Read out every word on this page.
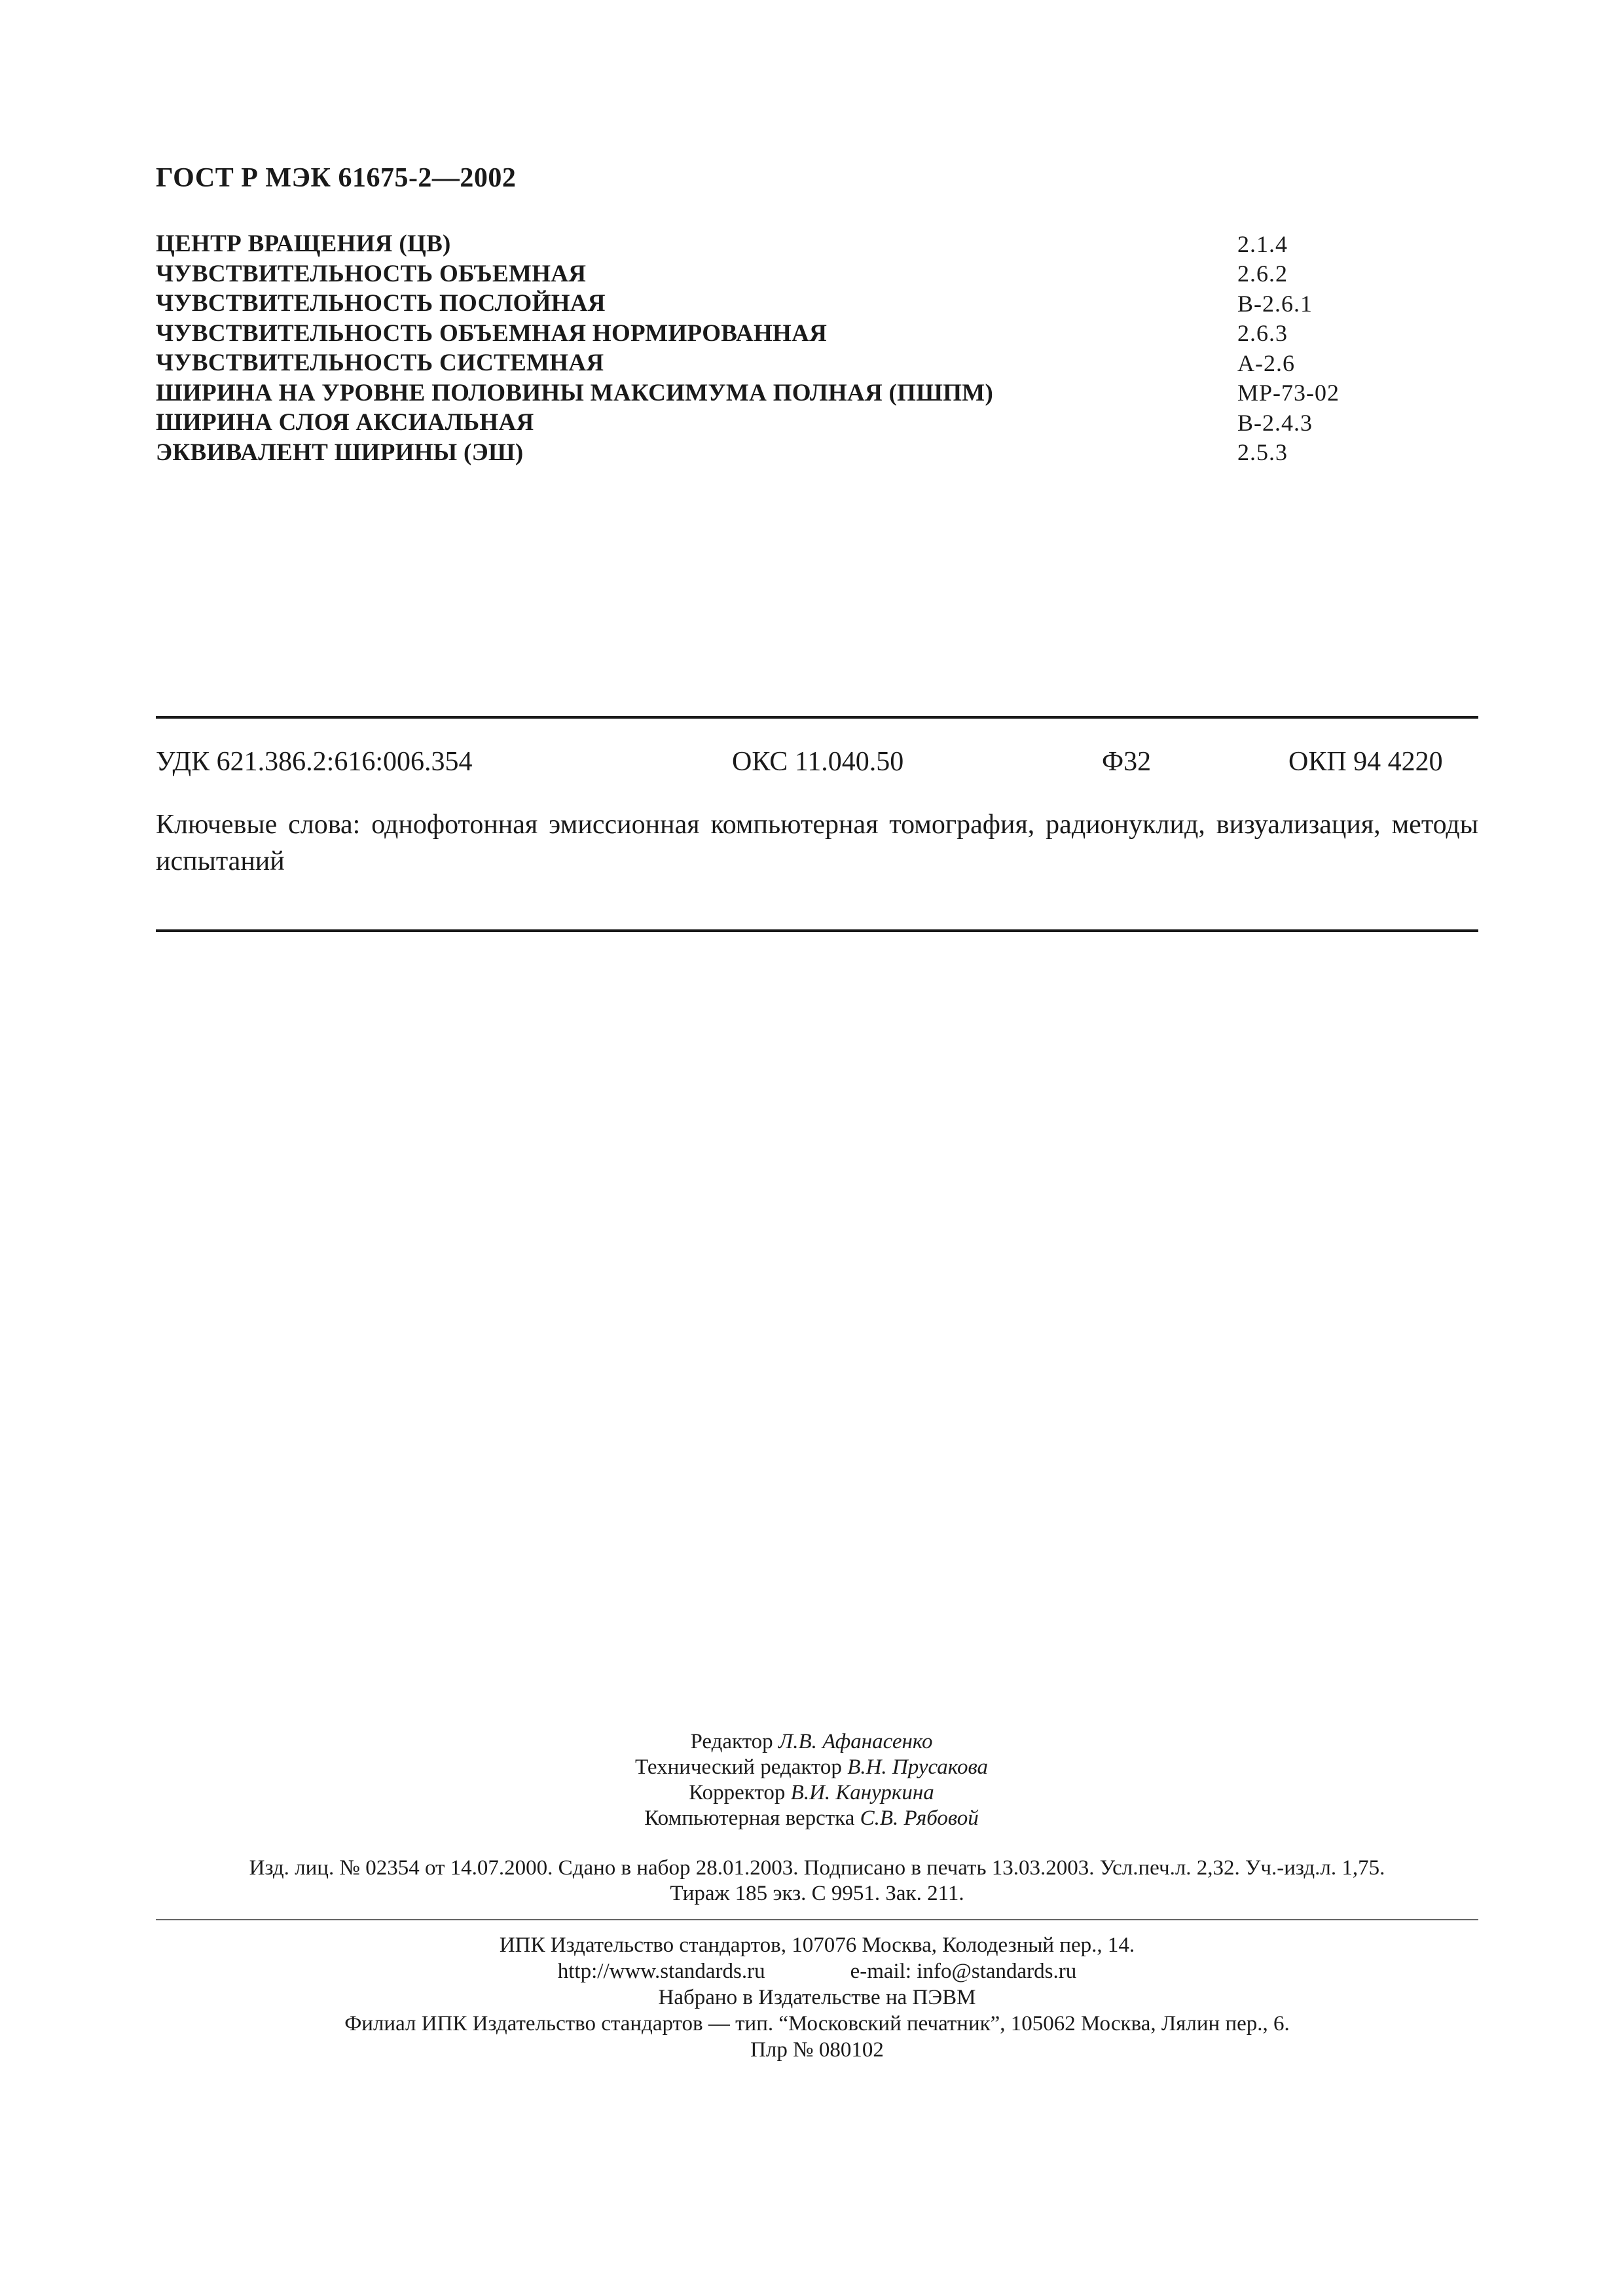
ГОСТ Р МЭК 61675-2—2002
ЦЕНТР ВРАЩЕНИЯ (ЦВ)	2.1.4
ЧУВСТВИТЕЛЬНОСТЬ ОБЪЕМНАЯ	2.6.2
ЧУВСТВИТЕЛЬНОСТЬ ПОСЛОЙНАЯ	В-2.6.1
ЧУВСТВИТЕЛЬНОСТЬ ОБЪЕМНАЯ НОРМИРОВАННАЯ	2.6.3
ЧУВСТВИТЕЛЬНОСТЬ СИСТЕМНАЯ	А-2.6
ШИРИНА НА УРОВНЕ ПОЛОВИНЫ МАКСИМУМА ПОЛНАЯ (ПШПМ)	МР-73-02
ШИРИНА СЛОЯ АКСИАЛЬНАЯ	В-2.4.3
ЭКВИВАЛЕНТ ШИРИНЫ (ЭШ)	2.5.3
УДК 621.386.2:616:006.354	ОКС 11.040.50	Ф32	ОКП 94 4220
Ключевые слова: однофотонная эмиссионная компьютерная томография, радионуклид, визуализация, методы испытаний
Редактор Л.В. Афанасенко
Технический редактор В.Н. Прусакова
Корректор В.И. Кануркина
Компьютерная верстка С.В. Рябовой
Изд. лиц. № 02354 от 14.07.2000. Сдано в набор 28.01.2003. Подписано в печать 13.03.2003. Усл.печ.л. 2,32. Уч.-изд.л. 1,75.
Тираж 185 экз. С 9951. Зак. 211.
ИПК Издательство стандартов, 107076 Москва, Колодезный пер., 14.
http://www.standards.ru	e-mail: info@standards.ru
Набрано в Издательстве на ПЭВМ
Филиал ИПК Издательство стандартов — тип. “Московский печатник”, 105062 Москва, Лялин пер., 6.
Плр № 080102
